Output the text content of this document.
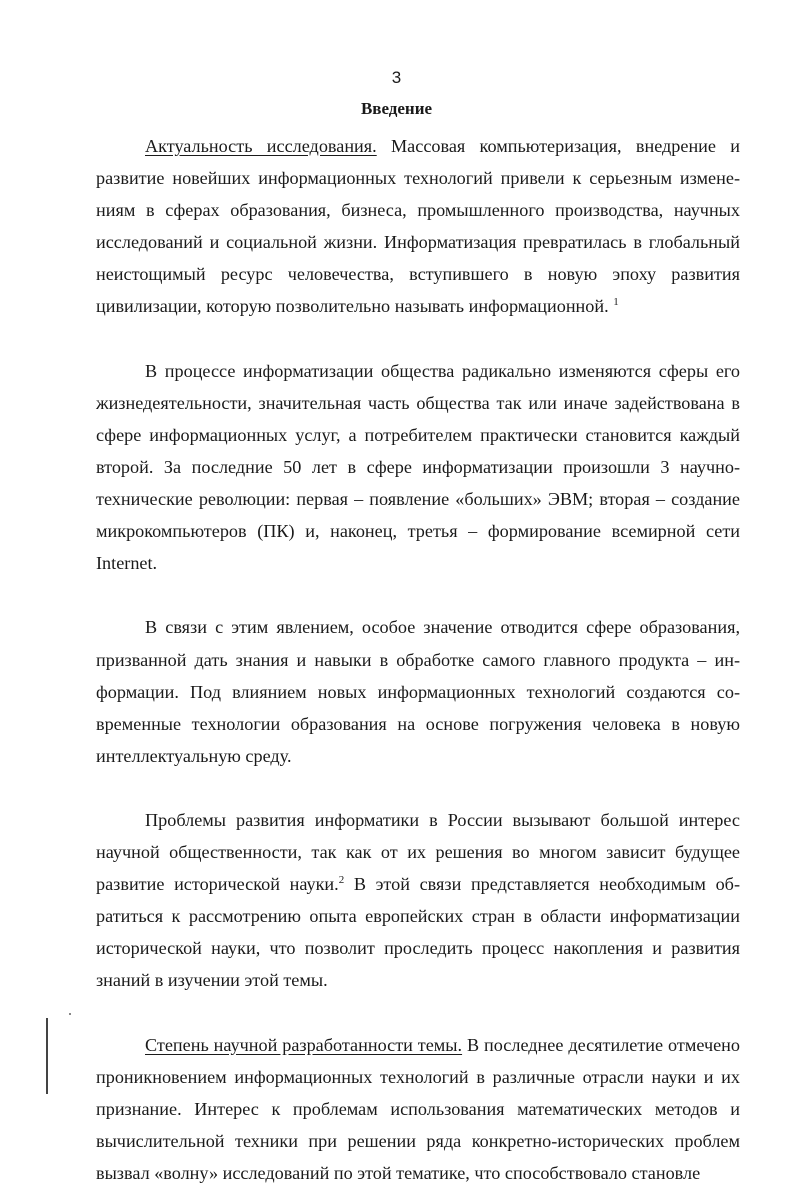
3
Введение

Актуальность исследования. Массовая компьютеризация, внедрение и развитие новейших информационных технологий привели к серьезным изменениям в сферах образования, бизнеса, промышленного производства, научных исследований и социальной жизни. Информатизация превратилась в глобальный неистощимый ресурс человечества, вступившего в новую эпоху развития цивилизации, которую позволительно называть информационной. $^1$

В процессе информатизации общества радикально изменяются сферы его жизнедеятельности, значительная часть общества так или иначе задействована в сфере информационных услуг, а потребителем практически становится каждый второй. За последние 50 лет в сфере информатизации произошли 3 научно-технические революции: первая – появление «больших» ЭВМ; вторая – создание микрокомпьютеров (ПК) и, наконец, третья – формирование всемирной сети Internet.

В связи с этим явлением, особое значение отводится сфере образования, призванной дать знания и навыки в обработке самого главного продукта – информации. Под влиянием новых информационных технологий создаются современные технологии образования на основе погружения человека в новую интеллектуальную среду.

Проблемы развития информатики в России вызывают большой интерес научной общественности, так как от их решения во многом зависит будущее развитие исторической науки.$^2$ В этой связи представляется необходимым обратиться к рассмотрению опыта европейских стран в области информатизации исторической науки, что позволит проследить процесс накопления и развития знаний в изучении этой темы.

Степень научной разработанности темы. В последнее десятилетие отмечено проникновением информационных технологий в различные отрасли науки и их признание. Интерес к проблемам использования математических методов и вычислительной техники при решении ряда конкретно-исторических проблем вызвал «волну» исследований по этой тематике, что способствовало становле
